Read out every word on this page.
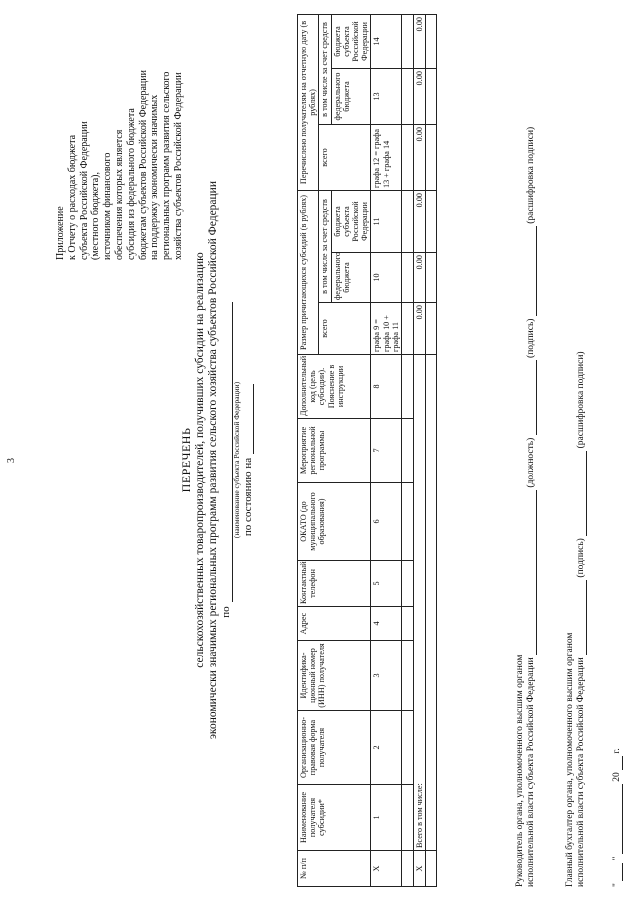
3
Приложение к Отчету о расходах бюджета субъекта Российской Федерации (местного бюджета), источником финансового обеспечения которых является субсидия из федерального бюджета бюджетам субъектов Российской Федерации на поддержку экономически значимых региональных программ развития сельского хозяйства субъектов Российской Федерации
ПЕРЕЧЕНЬ сельскохозяйственных товаропроизводителей, получивших субсидии на реализацию экономически значимых региональных программ развития сельского хозяйства субъектов Российской Федерации по
(наименование субъекта Российской Федерации) по состоянию на
№ п/п	Наименование получателя субсидии*	Организационно-правовая форма получателя	Идентифика-ционный номер (ИНН) получателя	Адрес	Контактный телефон	ОКАТО (до муниципального образования)	Мероприятие региональной программы	Дополнительный код (цель субсидии). Пояснение в инструкции	Размер причитающихся субсидий (в рублях)			Перечислено получателям на отчетную дату (в рублях)			
									всего	в том числе за счет средств		всего	в том числе за счет средств		
										федерального бюджета	бюджета субъекта Российской Федерации		федерального бюджета	бюджета субъекта Российской Федерации	
Х	1	2	3	4	5	6	7	8	графа 9 = графа 10 + графа 11	10	11	графа 12 = графа 13 + графа 14	13	14	

Х	Всего в том числе:								0.00	0.00	0.00	0.00	0.00	0.00	

Руководитель органа, уполномоченного высшим органом исполнительной власти субъекта Российской Федерации  (должность)  (подпись)  (расшифровка подписи)
Главный бухгалтер органа, уполномоченного высшим органом исполнительной власти субъекта Российской Федерации  (подпись)  (расшифровка подписи)
"  "  20  г.
